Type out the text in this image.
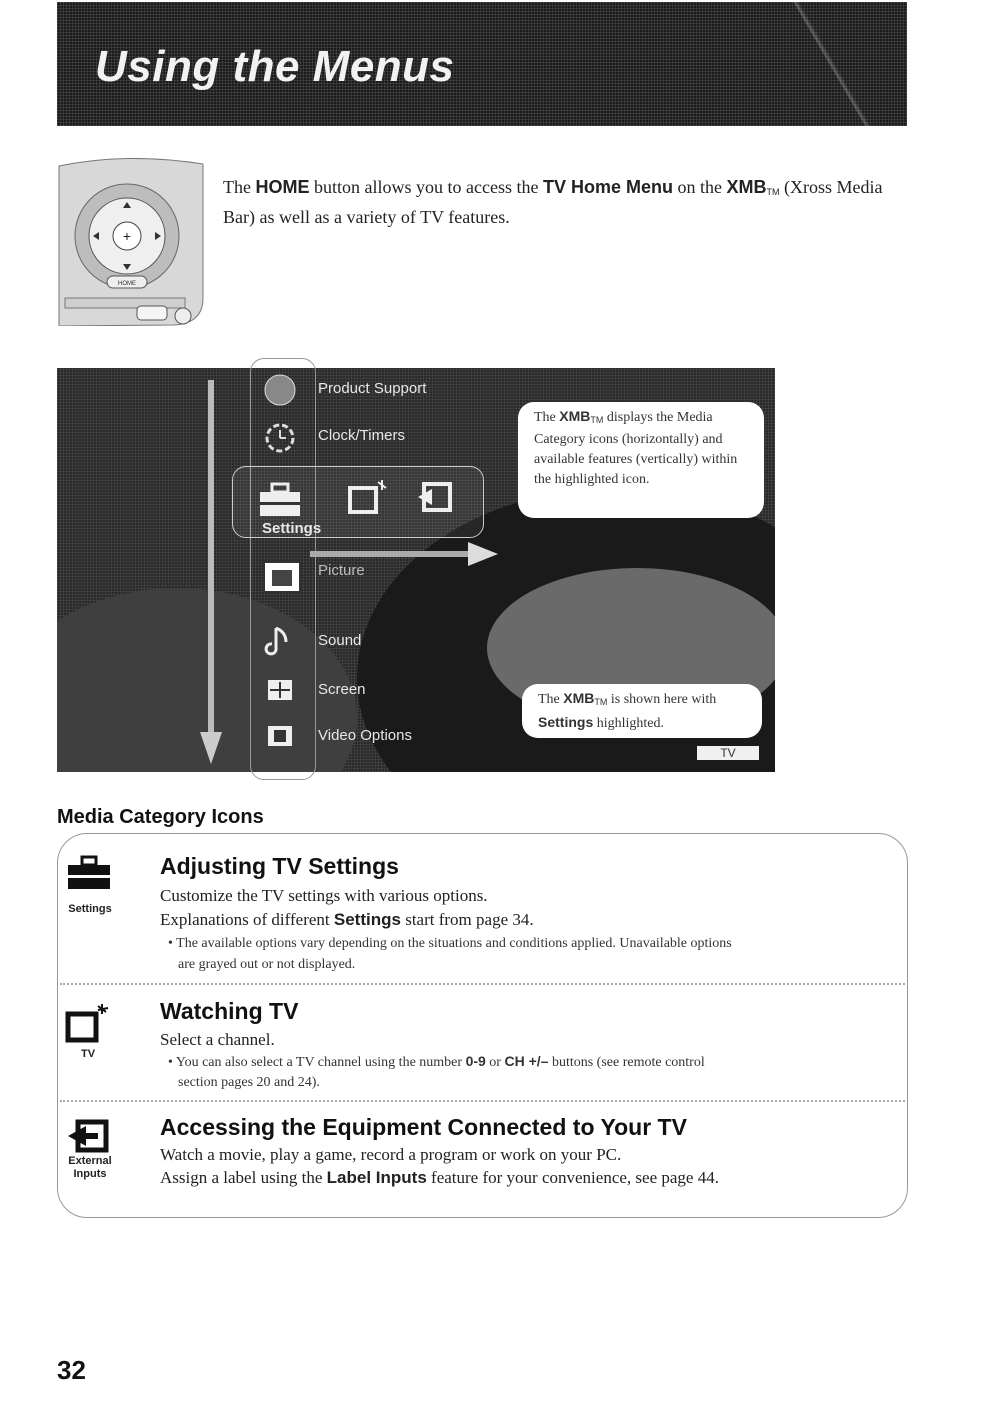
Using the Menus
+
HOME
The HOME button allows you to access the TV Home Menu on the $XMB_{TM}$ (Xross Media Bar) as well as a variety of TV features.
Product Support
Clock/Timers
Settings
Picture
Sound
Screen
Video Options
The $XMB_{TM}$ displays the Media Category icons (horizontally) and available features (vertically) within the highlighted icon.
The $XMB_{TM}$ is shown here with Settings highlighted.
TV
Media Category Icons
Settings
Adjusting TV Settings
Customize the TV settings with various options.
Explanations of different Settings start from page 34.
• The available options vary depending on the situations and conditions applied. Unavailable options
are grayed out or not displayed.
TV
Watching TV
Select a channel.
• You can also select a TV channel using the number 0-9 or CH +/– buttons (see remote control
section pages 20 and 24).
External
Inputs
Accessing the Equipment Connected to Your TV
Watch a movie, play a game, record a program or work on your PC.
Assign a label using the Label Inputs feature for your convenience, see page 44.
32
